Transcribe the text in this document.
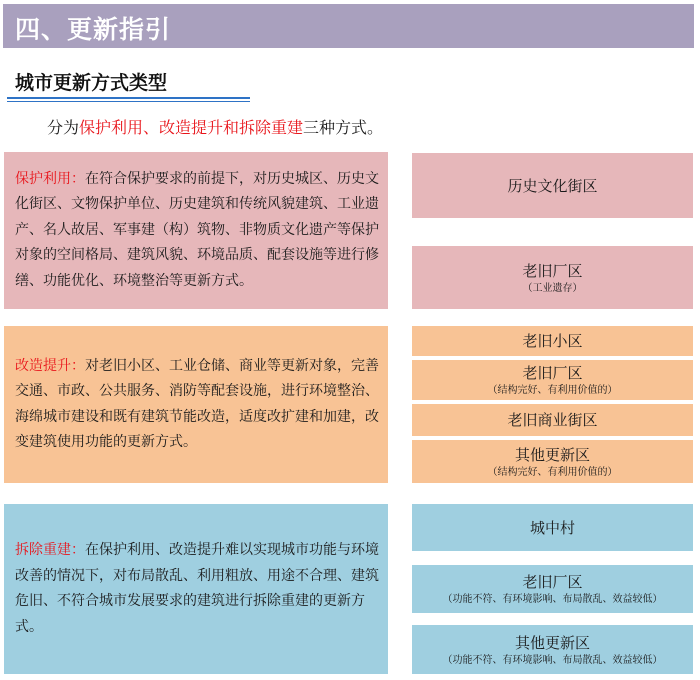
四、更新指引
城市更新方式类型
分为保护利用、改造提升和拆除重建三种方式。
保护利用：在符合保护要求的前提下，对历史城区、历史文化街区、文物保护单位、历史建筑和传统风貌建筑、工业遗产、名人故居、军事建（构）筑物、非物质文化遗产等保护对象的空间格局、建筑风貌、环境品质、配套设施等进行修缮、功能优化、环境整治等更新方式。
历史文化街区
老旧厂区
（工业遗存）
改造提升：对老旧小区、工业仓储、商业等更新对象，完善交通、市政、公共服务、消防等配套设施，进行环境整治、海绵城市建设和既有建筑节能改造，适度改扩建和加建，改变建筑使用功能的更新方式。
老旧小区
老旧厂区
（结构完好、有利用价值的）
老旧商业街区
其他更新区
（结构完好、有利用价值的）
拆除重建：在保护利用、改造提升难以实现城市功能与环境改善的情况下，对布局散乱、利用粗放、用途不合理、建筑危旧、不符合城市发展要求的建筑进行拆除重建的更新方式。
城中村
老旧厂区
（功能不符、有环境影响、布局散乱、效益较低）
其他更新区
（功能不符、有环境影响、布局散乱、效益较低）
